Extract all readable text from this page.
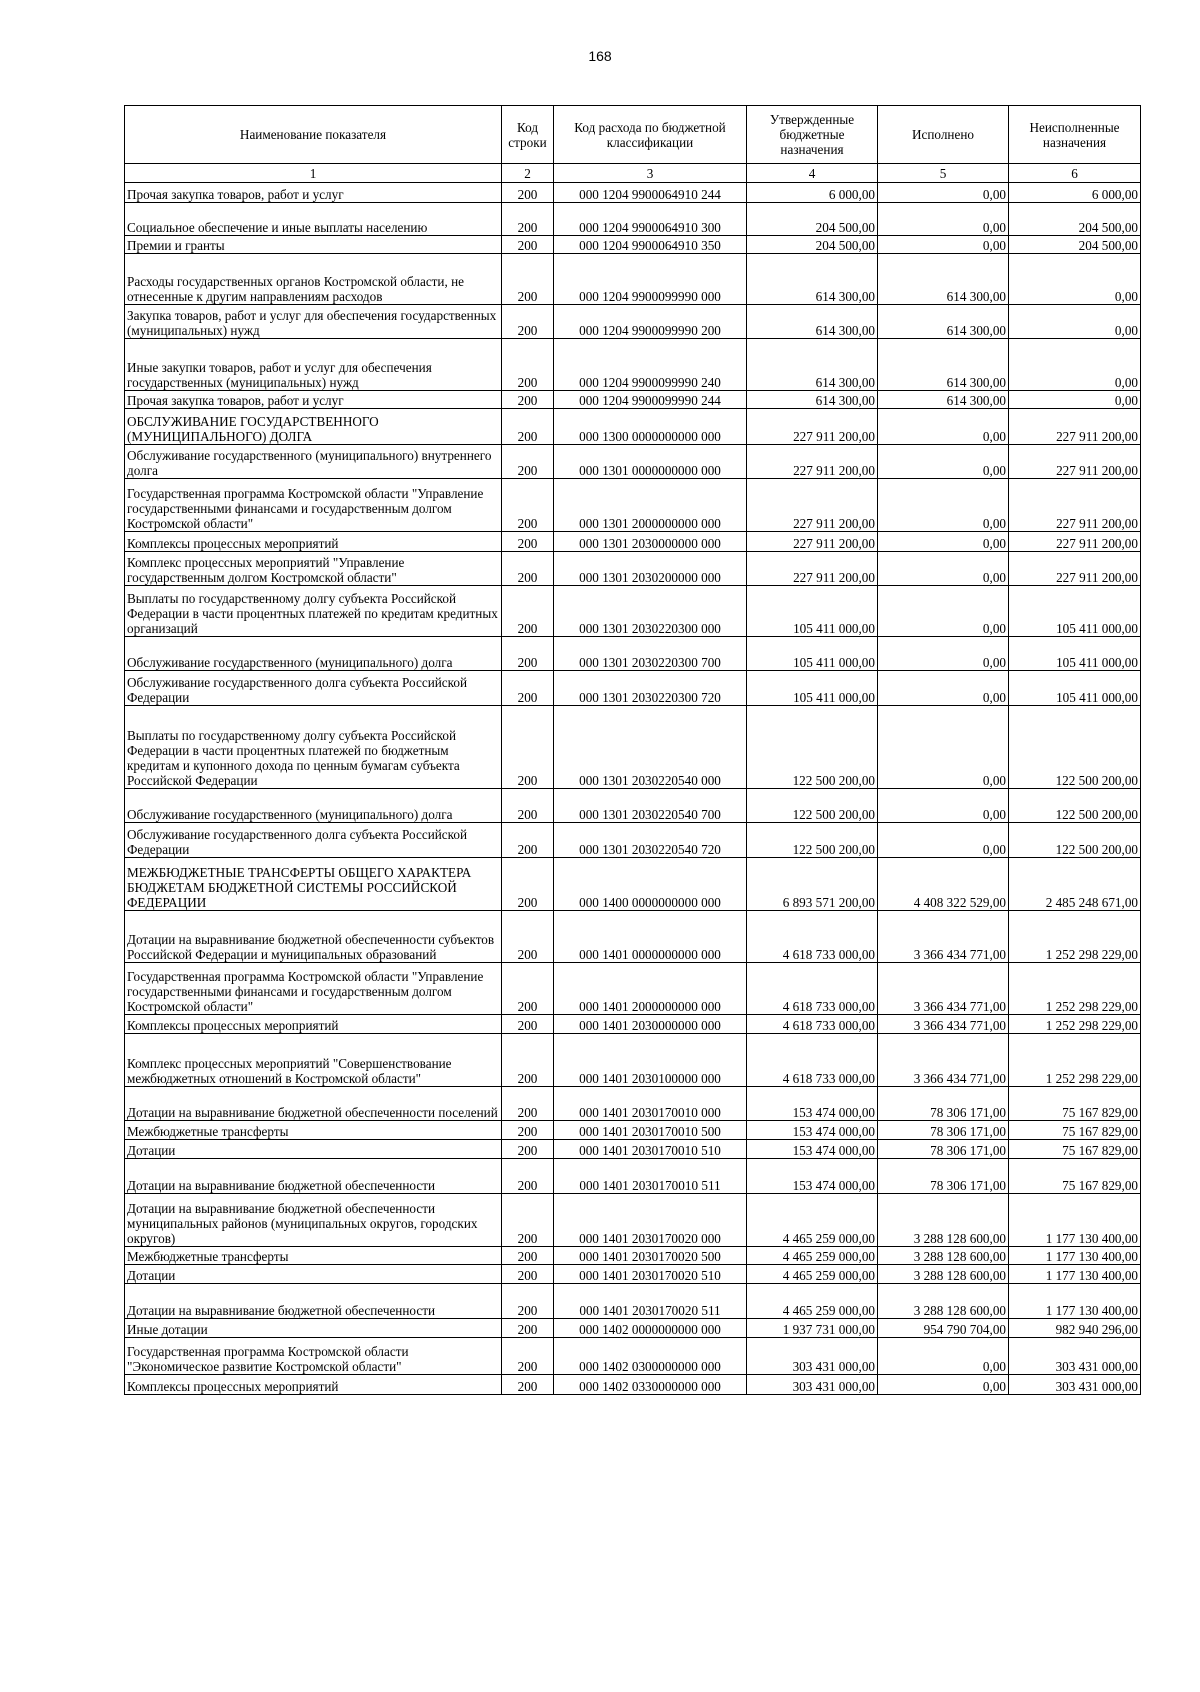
168
Наименование показателя	Код строки	Код расхода по бюджетной классификации	Утвержденные бюджетные назначения	Исполнено	Неисполненные назначения
1	2	3	4	5	6
Прочая закупка товаров, работ и услуг	200	000 1204 9900064910 244	6 000,00	0,00	6 000,00
Социальное обеспечение и иные выплаты населению	200	000 1204 9900064910 300	204 500,00	0,00	204 500,00
Премии и гранты	200	000 1204 9900064910 350	204 500,00	0,00	204 500,00
Расходы государственных органов Костромской области, не отнесенные к другим направлениям расходов	200	000 1204 9900099990 000	614 300,00	614 300,00	0,00
Закупка товаров, работ и услуг для обеспечения государственных (муниципальных) нужд	200	000 1204 9900099990 200	614 300,00	614 300,00	0,00
Иные закупки товаров, работ и услуг для обеспечения государственных (муниципальных) нужд	200	000 1204 9900099990 240	614 300,00	614 300,00	0,00
Прочая закупка товаров, работ и услуг	200	000 1204 9900099990 244	614 300,00	614 300,00	0,00
ОБСЛУЖИВАНИЕ ГОСУДАРСТВЕННОГО (МУНИЦИПАЛЬНОГО) ДОЛГА	200	000 1300 0000000000 000	227 911 200,00	0,00	227 911 200,00
Обслуживание государственного (муниципального) внутреннего долга	200	000 1301 0000000000 000	227 911 200,00	0,00	227 911 200,00
Государственная программа Костромской области "Управление государственными финансами и государственным долгом Костромской области"	200	000 1301 2000000000 000	227 911 200,00	0,00	227 911 200,00
Комплексы процессных мероприятий	200	000 1301 2030000000 000	227 911 200,00	0,00	227 911 200,00
Комплекс процессных мероприятий "Управление государственным долгом Костромской области"	200	000 1301 2030200000 000	227 911 200,00	0,00	227 911 200,00
Выплаты по государственному долгу субъекта Российской Федерации в части процентных платежей по кредитам кредитных организаций	200	000 1301 2030220300 000	105 411 000,00	0,00	105 411 000,00
Обслуживание государственного (муниципального) долга	200	000 1301 2030220300 700	105 411 000,00	0,00	105 411 000,00
Обслуживание государственного долга субъекта Российской Федерации	200	000 1301 2030220300 720	105 411 000,00	0,00	105 411 000,00
Выплаты по государственному долгу субъекта Российской Федерации в части процентных платежей по бюджетным кредитам и купонного дохода по ценным бумагам субъекта Российской Федерации	200	000 1301 2030220540 000	122 500 200,00	0,00	122 500 200,00
Обслуживание государственного (муниципального) долга	200	000 1301 2030220540 700	122 500 200,00	0,00	122 500 200,00
Обслуживание государственного долга субъекта Российской Федерации	200	000 1301 2030220540 720	122 500 200,00	0,00	122 500 200,00
МЕЖБЮДЖЕТНЫЕ ТРАНСФЕРТЫ ОБЩЕГО ХАРАКТЕРА БЮДЖЕТАМ БЮДЖЕТНОЙ СИСТЕМЫ РОССИЙСКОЙ ФЕДЕРАЦИИ	200	000 1400 0000000000 000	6 893 571 200,00	4 408 322 529,00	2 485 248 671,00
Дотации на выравнивание бюджетной обеспеченности субъектов Российской Федерации и муниципальных образований	200	000 1401 0000000000 000	4 618 733 000,00	3 366 434 771,00	1 252 298 229,00
Государственная программа Костромской области "Управление государственными финансами и государственным долгом Костромской области"	200	000 1401 2000000000 000	4 618 733 000,00	3 366 434 771,00	1 252 298 229,00
Комплексы процессных мероприятий	200	000 1401 2030000000 000	4 618 733 000,00	3 366 434 771,00	1 252 298 229,00
Комплекс процессных мероприятий "Совершенствование межбюджетных отношений в Костромской области"	200	000 1401 2030100000 000	4 618 733 000,00	3 366 434 771,00	1 252 298 229,00
Дотации на выравнивание бюджетной обеспеченности поселений	200	000 1401 2030170010 000	153 474 000,00	78 306 171,00	75 167 829,00
Межбюджетные трансферты	200	000 1401 2030170010 500	153 474 000,00	78 306 171,00	75 167 829,00
Дотации	200	000 1401 2030170010 510	153 474 000,00	78 306 171,00	75 167 829,00
Дотации на выравнивание бюджетной обеспеченности	200	000 1401 2030170010 511	153 474 000,00	78 306 171,00	75 167 829,00
Дотации на выравнивание бюджетной обеспеченности муниципальных районов (муниципальных округов, городских округов)	200	000 1401 2030170020 000	4 465 259 000,00	3 288 128 600,00	1 177 130 400,00
Межбюджетные трансферты	200	000 1401 2030170020 500	4 465 259 000,00	3 288 128 600,00	1 177 130 400,00
Дотации	200	000 1401 2030170020 510	4 465 259 000,00	3 288 128 600,00	1 177 130 400,00
Дотации на выравнивание бюджетной обеспеченности	200	000 1401 2030170020 511	4 465 259 000,00	3 288 128 600,00	1 177 130 400,00
Иные дотации	200	000 1402 0000000000 000	1 937 731 000,00	954 790 704,00	982 940 296,00
Государственная программа Костромской области "Экономическое развитие Костромской области"	200	000 1402 0300000000 000	303 431 000,00	0,00	303 431 000,00
Комплексы процессных мероприятий	200	000 1402 0330000000 000	303 431 000,00	0,00	303 431 000,00
